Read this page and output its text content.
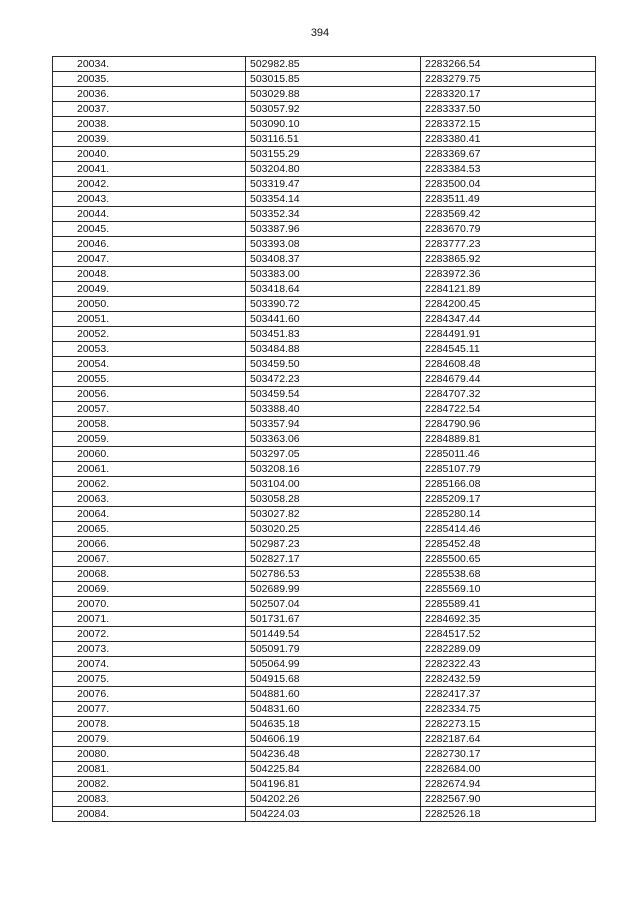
394
20034.	502982.85	2283266.54
20035.	503015.85	2283279.75
20036.	503029.88	2283320.17
20037.	503057.92	2283337.50
20038.	503090.10	2283372.15
20039.	503116.51	2283380.41
20040.	503155.29	2283369.67
20041.	503204.80	2283384.53
20042.	503319.47	2283500.04
20043.	503354.14	2283511.49
20044.	503352.34	2283569.42
20045.	503387.96	2283670.79
20046.	503393.08	2283777.23
20047.	503408.37	2283865.92
20048.	503383.00	2283972.36
20049.	503418.64	2284121.89
20050.	503390.72	2284200.45
20051.	503441.60	2284347.44
20052.	503451.83	2284491.91
20053.	503484.88	2284545.11
20054.	503459.50	2284608.48
20055.	503472.23	2284679.44
20056.	503459.54	2284707.32
20057.	503388.40	2284722.54
20058.	503357.94	2284790.96
20059.	503363.06	2284889.81
20060.	503297.05	2285011.46
20061.	503208.16	2285107.79
20062.	503104.00	2285166.08
20063.	503058.28	2285209.17
20064.	503027.82	2285280.14
20065.	503020.25	2285414.46
20066.	502987.23	2285452.48
20067.	502827.17	2285500.65
20068.	502786.53	2285538.68
20069.	502689.99	2285569.10
20070.	502507.04	2285589.41
20071.	501731.67	2284692.35
20072.	501449.54	2284517.52
20073.	505091.79	2282289.09
20074.	505064.99	2282322.43
20075.	504915.68	2282432.59
20076.	504881.60	2282417.37
20077.	504831.60	2282334.75
20078.	504635.18	2282273.15
20079.	504606.19	2282187.64
20080.	504236.48	2282730.17
20081.	504225.84	2282684.00
20082.	504196.81	2282674.94
20083.	504202.26	2282567.90
20084.	504224.03	2282526.18
